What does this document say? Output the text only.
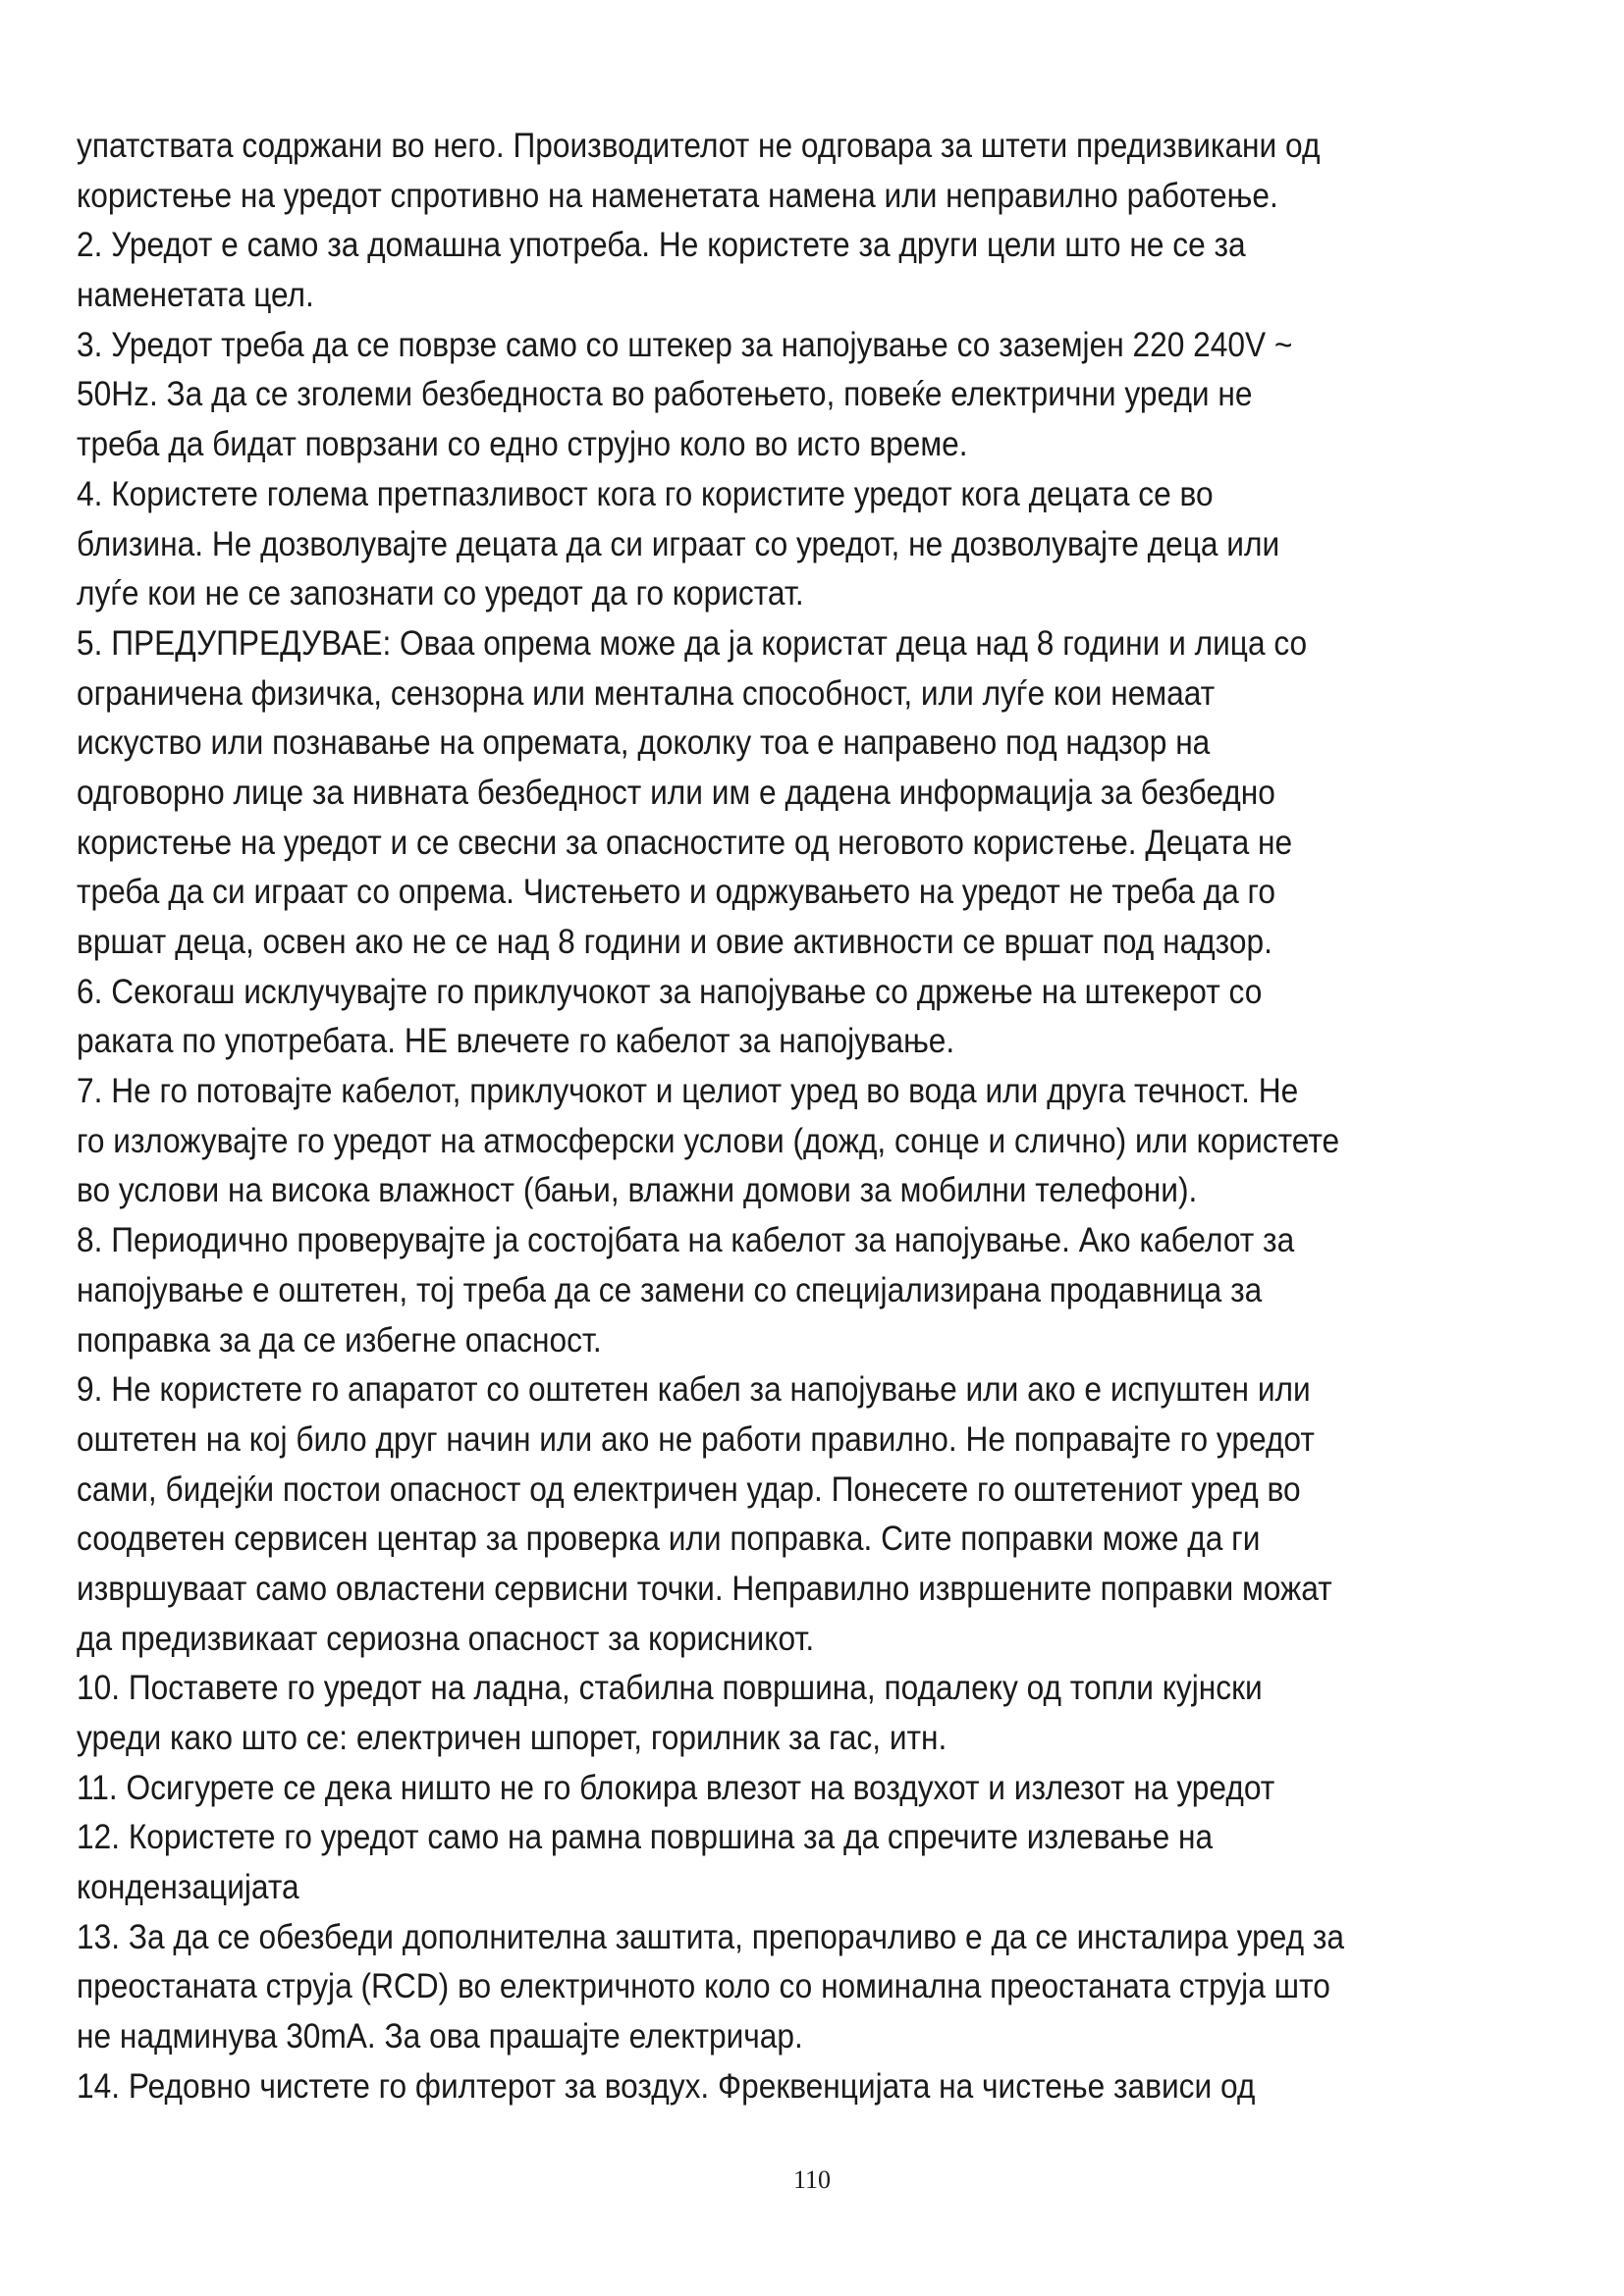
упатствата содржани во него. Производителот не одговара за штети предизвикани од
користење на уредот спротивно на наменетата намена или неправилно работење.
2. Уредот е само за домашна употреба. Не користете за други цели што не се за
наменетата цел.
3. Уредот треба да се поврзе само со штекер за напојување со заземјен 220 240V ~
50Hz. За да се зголеми безбедноста во работењето, повеќе електрични уреди не
треба да бидат поврзани со едно струјно коло во исто време.
4. Користете голема претпазливост кога го користите уредот кога децата се во
близина. Не дозволувајте децата да си играат со уредот, не дозволувајте деца или
луѓе кои не се запознати со уредот да го користат.
5. ПРЕДУПРЕДУВАЕ: Оваа опрема може да ја користат деца над 8 години и лица со
ограничена физичка, сензорна или ментална способност, или луѓе кои немаат
искуство или познавање на опремата, доколку тоа е направено под надзор на
одговорно лице за нивната безбедност или им е дадена информација за безбедно
користење на уредот и се свесни за опасностите од неговото користење. Децата не
треба да си играат со опрема. Чистењето и одржувањето на уредот не треба да го
вршат деца, освен ако не се над 8 години и овие активности се вршат под надзор.
6. Секогаш исклучувајте го приклучокот за напојување со држење на штекерот со
раката по употребата. НЕ влечете го кабелот за напојување.
7. Не го потовајте кабелот, приклучокот и целиот уред во вода или друга течност. Не
го изложувајте го уредот на атмосферски услови (дожд, сонце и слично) или користете
во услови на висока влажност (бањи, влажни домови за мобилни телефони).
8. Периодично проверувајте ја состојбата на кабелот за напојување. Ако кабелот за
напојување е оштетен, тој треба да се замени со специјализирана продавница за
поправка за да се избегне опасност.
9. Не користете го апаратот со оштетен кабел за напојување или ако е испуштен или
оштетен на кој било друг начин или ако не работи правилно. Не поправајте го уредот
сами, бидејќи постои опасност од електричен удар. Понесете го оштетениот уред во
соодветен сервисен центар за проверка или поправка. Сите поправки може да ги
извршуваат само овластени сервисни точки. Неправилно извршените поправки можат
да предизвикаат сериозна опасност за корисникот.
10. Поставете го уредот на ладна, стабилна површина, подалеку од топли кујнски
уреди како што се: електричен шпорет, горилник за гас, итн.
11. Осигурете се дека ништо не го блокира влезот на воздухот и излезот на уредот
12. Користете го уредот само на рамна површина за да спречите излевање на
кондензацијата
13. За да се обезбеди дополнителна заштита, препорачливо е да се инсталира уред за
преостаната струја (RCD) во електричното коло со номинална преостаната струја што
не надминува 30mA. За ова прашајте електричар.
14. Редовно чистете го филтерот за воздух. Фреквенцијата на чистење зависи од
110
